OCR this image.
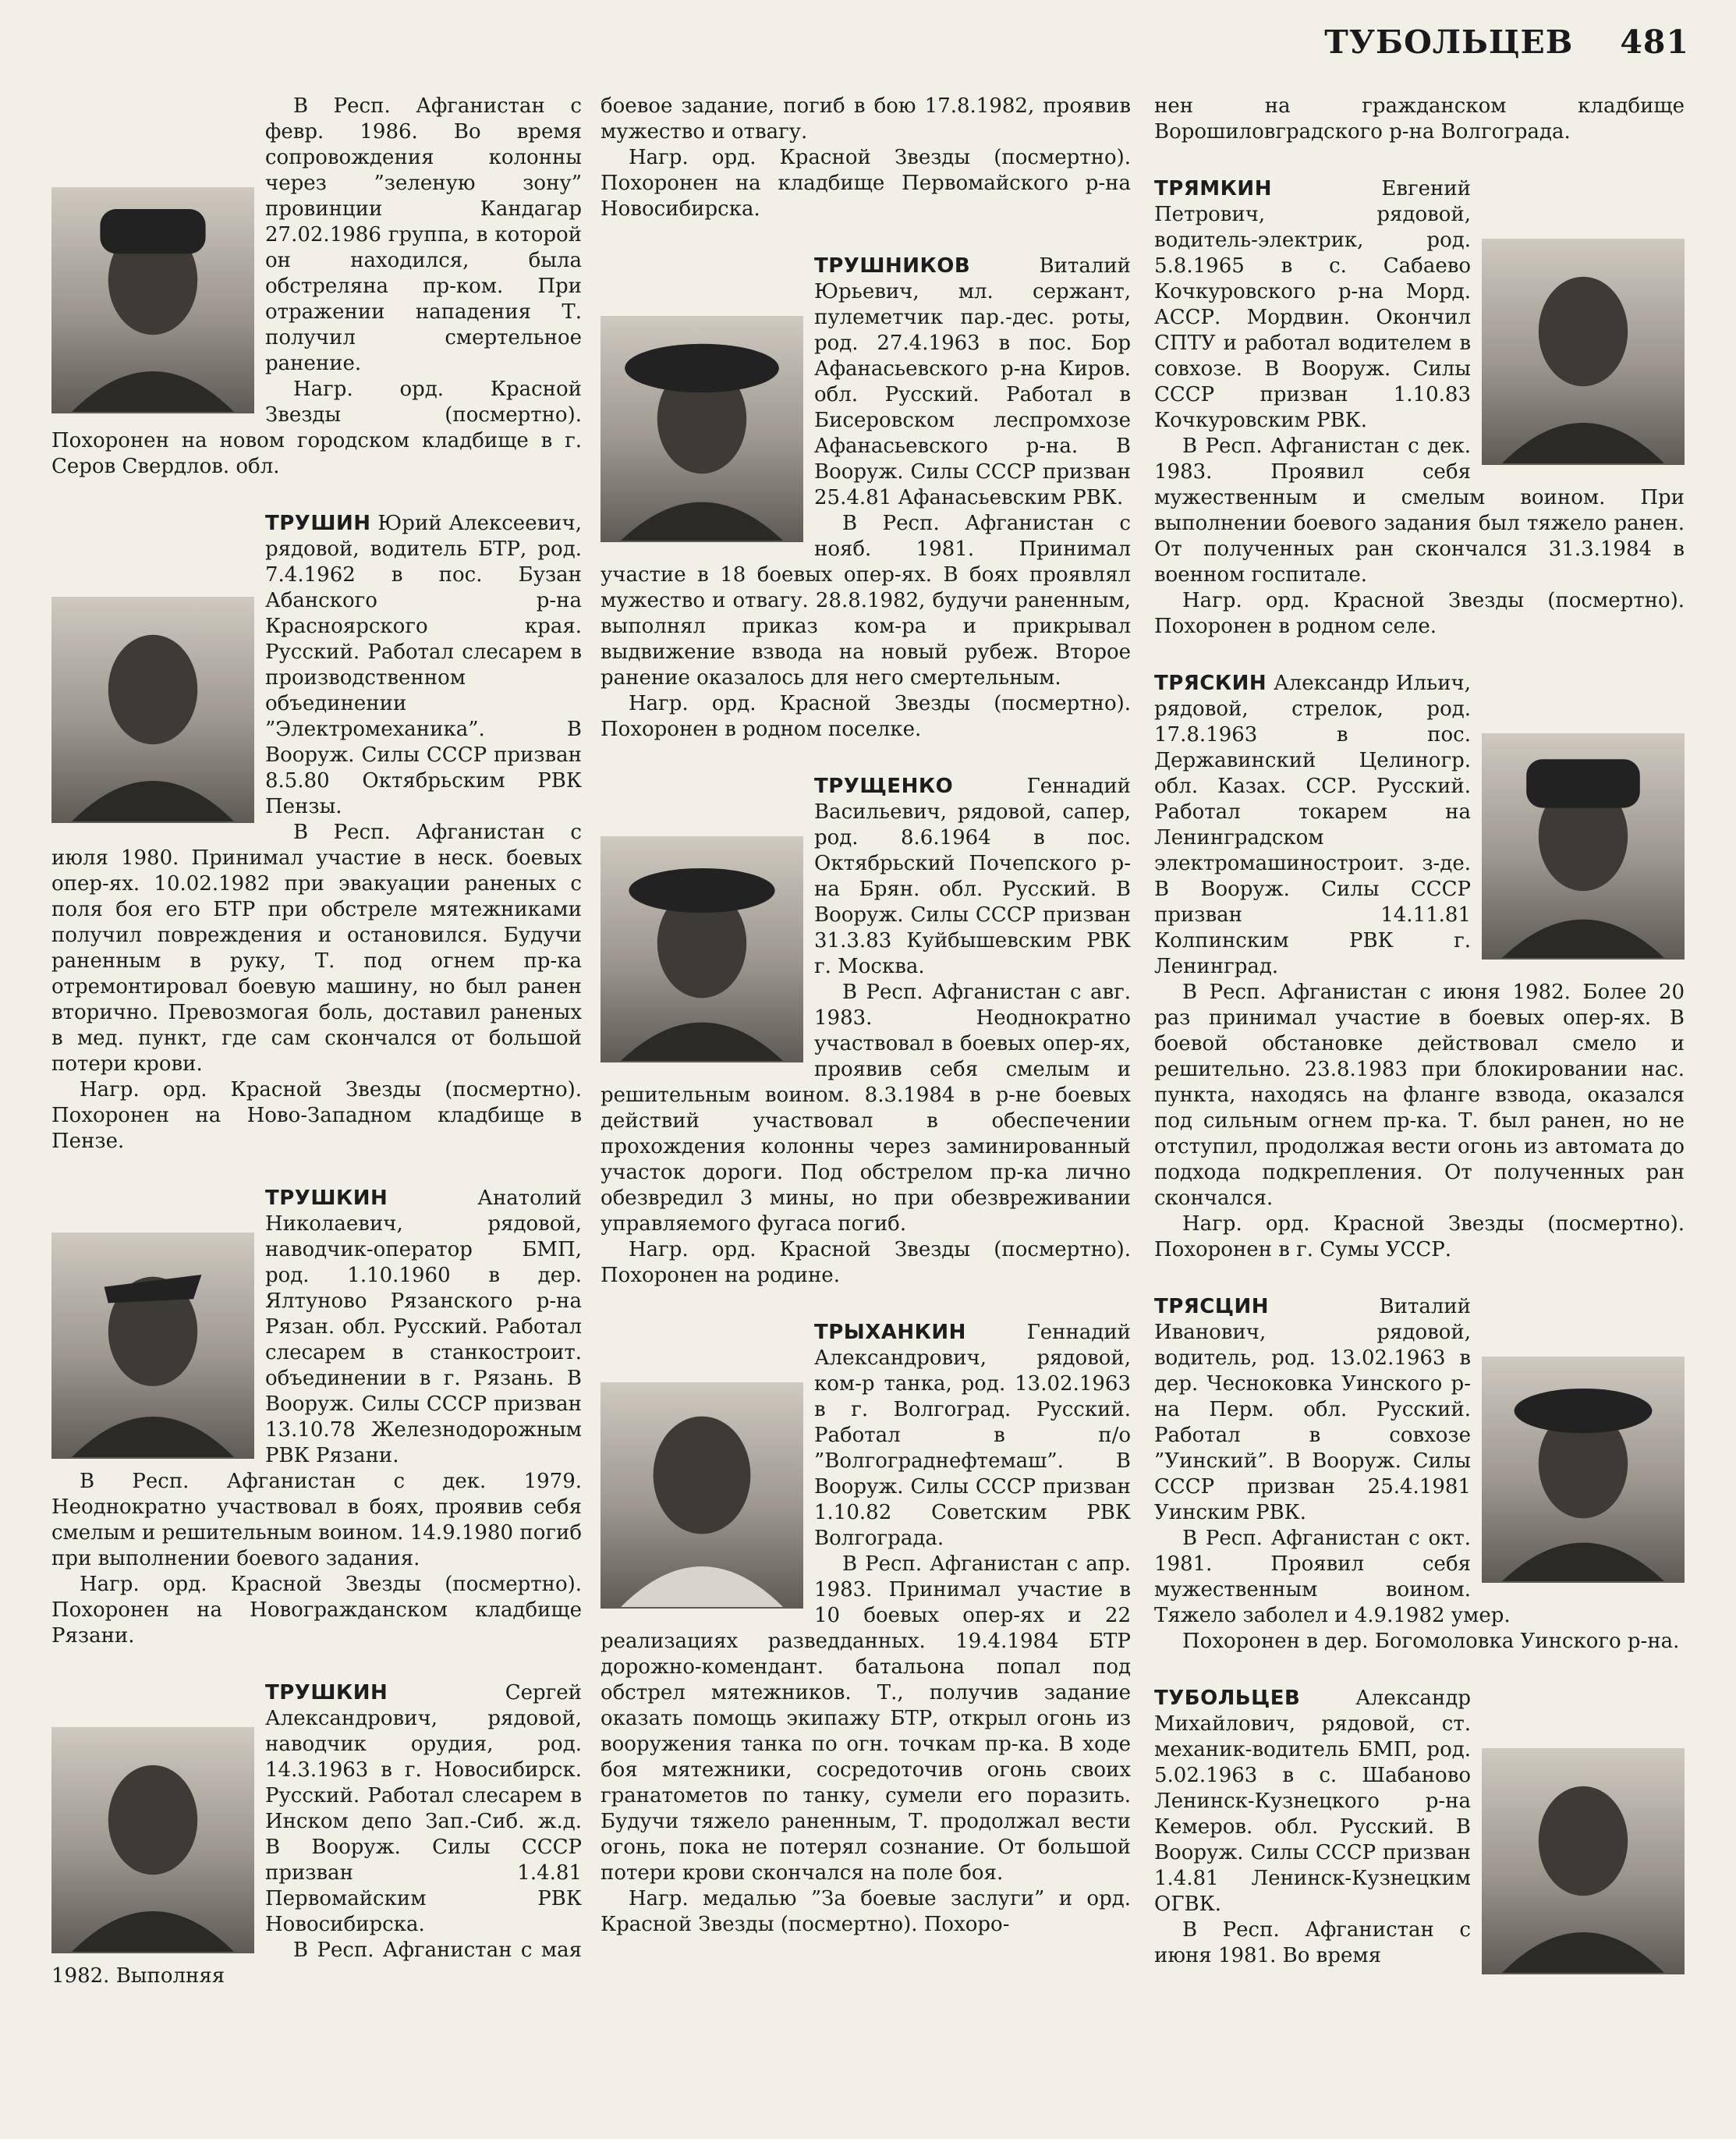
ТУБОЛЬЦЕВ 481

В Респ. Афганистан с февр. 1986. Во время сопровождения колонны через ”зеленую зону” провинции Кандагар 27.02.1986 группа, в которой он находился, была обстреляна пр-ком. При отражении нападения Т. получил смертельное ранение.

Нагр. орд. Красной Звезды (посмертно). Похоронен на новом городском кладбище в г. Серов Свердлов. обл.

ТРУШИН Юрий Алексеевич, рядовой, водитель БТР, род. 7.4.1962 в пос. Бузан Абанского р-на Красноярского края. Русский. Работал слесарем в производственном объединении ”Электромеханика”. В Вооруж. Силы СССР призван 8.5.80 Октябрьским РВК Пензы.

В Респ. Афганистан с июля 1980. Принимал участие в неск. боевых опер-ях. 10.02.1982 при эвакуации раненых с поля боя его БТР при обстреле мятежниками получил повреждения и остановился. Будучи раненным в руку, Т. под огнем пр-ка отремонтировал боевую машину, но был ранен вторично. Превозмогая боль, доставил раненых в мед. пункт, где сам скончался от большой потери крови.

Нагр. орд. Красной Звезды (посмертно). Похоронен на Ново-Западном кладбище в Пензе.

ТРУШКИН	Анатолий Николаевич, рядовой, наводчик-оператор БМП, род. 1.10.1960 в дер. Ялтуново Рязанского р-на Рязан. обл. Русский. Работал слесарем в станкостроит. объединении в г. Рязань. В Вооруж. Силы СССР призван 13.10.78 Железнодорожным РВК Рязани.

В Респ. Афганистан с дек. 1979. Неоднократно участвовал в боях, проявив себя смелым и решительным воином. 14.9.1980 погиб при выполнении боевого задания.

Нагр. орд. Красной Звезды (посмертно). Похоронен на Новогражданском кладбище Рязани.

ТРУШКИН	Сергей Александрович, рядовой, наводчик орудия, род. 14.3.1963 в г. Новосибирск. Русский. Работал слесарем в Инском депо Зап.-Сиб. ж.д. В Вооруж. Силы СССР призван 1.4.81 Первомайским РВК Новосибирска.

В Респ. Афганистан с мая 1982. Выполняя

боевое задание, погиб в бою 17.8.1982, проявив мужество и отвагу.

Нагр. орд. Красной Звезды (посмертно). Похоронен на кладбище Первомайского р-на Новосибирска.

ТРУШНИКОВ	Виталий Юрьевич, мл. сержант, пулеметчик пар.-дес. роты, род. 27.4.1963 в пос. Бор Афанасьевского р-на Киров. обл. Русский. Работал в Бисеровском леспромхозе Афанасьевского р-на. В Вооруж. Силы СССР призван 25.4.81 Афанасьевским РВК.

В Респ. Афганистан с нояб. 1981. Принимал участие в 18 боевых опер-ях. В боях проявлял мужество и отвагу. 28.8.1982, будучи раненным, выполнял приказ ком-ра и прикрывал выдвижение взвода на новый рубеж. Второе ранение оказалось для него смертельным.

Нагр. орд. Красной Звезды (посмертно). Похоронен в родном поселке.

ТРУЩЕНКО	Геннадий Васильевич, рядовой, сапер, род. 8.6.1964 в пос. Октябрьский Почепского р-на Брян. обл. Русский. В Вооруж. Силы СССР призван 31.3.83 Куйбышевским РВК г. Москва.

В Респ. Афганистан с авг. 1983. Неоднократно участвовал в боевых опер-ях, проявив себя смелым и решительным воином. 8.3.1984 в р-не боевых действий участвовал в обеспечении прохождения колонны через заминированный участок дороги. Под обстрелом пр-ка лично обезвредил 3 мины, но при обезвреживании управляемого фугаса погиб.

Нагр. орд. Красной Звезды (посмертно). Похоронен на родине.

ТРЫХАНКИН	Геннадий Александрович, рядовой, ком-р танка, род. 13.02.1963 в г. Волгоград. Русский. Работал в п/о ”Волгограднефтемаш”. В Вооруж. Силы СССР призван 1.10.82 Советским РВК Волгограда.

В Респ. Афганистан с апр. 1983. Принимал участие в 10 боевых опер-ях и 22 реализациях разведданных. 19.4.1984 БТР дорожно-комендант. батальона попал под обстрел мятежников. Т., получив задание оказать помощь экипажу БТР, открыл огонь из вооружения танка по огн. точкам пр-ка. В ходе боя мятежники, сосредоточив огонь своих гранатометов по танку, сумели его поразить. Будучи тяжело раненным, Т. продолжал вести огонь, пока не потерял сознание. От большой потери крови скончался на поле боя.

Нагр. медалью ”За боевые заслуги” и орд. Красной Звезды (посмертно). Похоро-

нен на гражданском кладбище Ворошиловградского р-на Волгограда.

ТРЯМКИН	Евгений Петрович, рядовой, водитель-электрик, род. 5.8.1965 в с. Сабаево Кочкуровского р-на Морд. АССР. Мордвин. Окончил СПТУ и работал водителем в совхозе. В Вооруж. Силы СССР призван 1.10.83 Кочкуровским РВК.

В Респ. Афганистан с дек. 1983. Проявил себя мужественным и смелым воином. При выполнении боевого задания был тяжело ранен. От полученных ран скончался 31.3.1984 в военном госпитале.

Нагр. орд. Красной Звезды (посмертно). Похоронен в родном селе.

ТРЯСКИН Александр Ильич, рядовой, стрелок, род. 17.8.1963 в пос. Державинский Целиногр. обл. Казах. ССР. Русский. Работал токарем на Ленинградском электромашиностроит. з-де. В Вооруж. Силы СССР призван 14.11.81 Колпинским РВК г. Ленинград.

В Респ. Афганистан с июня 1982. Более 20 раз принимал участие в боевых опер-ях. В боевой обстановке действовал смело и решительно. 23.8.1983 при блокировании нас. пункта, находясь на фланге взвода, оказался под сильным огнем пр-ка. Т. был ранен, но не отступил, продолжая вести огонь из автомата до подхода подкрепления. От полученных ран скончался.

Нагр. орд. Красной Звезды (посмертно). Похоронен в г. Сумы УССР.

ТРЯСЦИН	Виталий Иванович, рядовой, водитель, род. 13.02.1963 в дер. Чесноковка Уинского р-на Перм. обл. Русский. Работал в совхозе ”Уинский”. В Вооруж. Силы СССР призван 25.4.1981 Уинским РВК.

В Респ. Афганистан с окт. 1981. Проявил себя мужественным воином. Тяжело заболел и 4.9.1982 умер.

Похоронен в дер. Богомоловка Уинского р-на.

ТУБОЛЬЦЕВ	Александр Михайлович, рядовой, ст. механик-водитель БМП, род. 5.02.1963 в с. Шабаново Ленинск-Кузнецкого р-на Кемеров. обл. Русский. В Вооруж. Силы СССР призван 1.4.81 Ленинск-Кузнецким ОГВК.

В Респ. Афганистан с июня 1981. Во время
